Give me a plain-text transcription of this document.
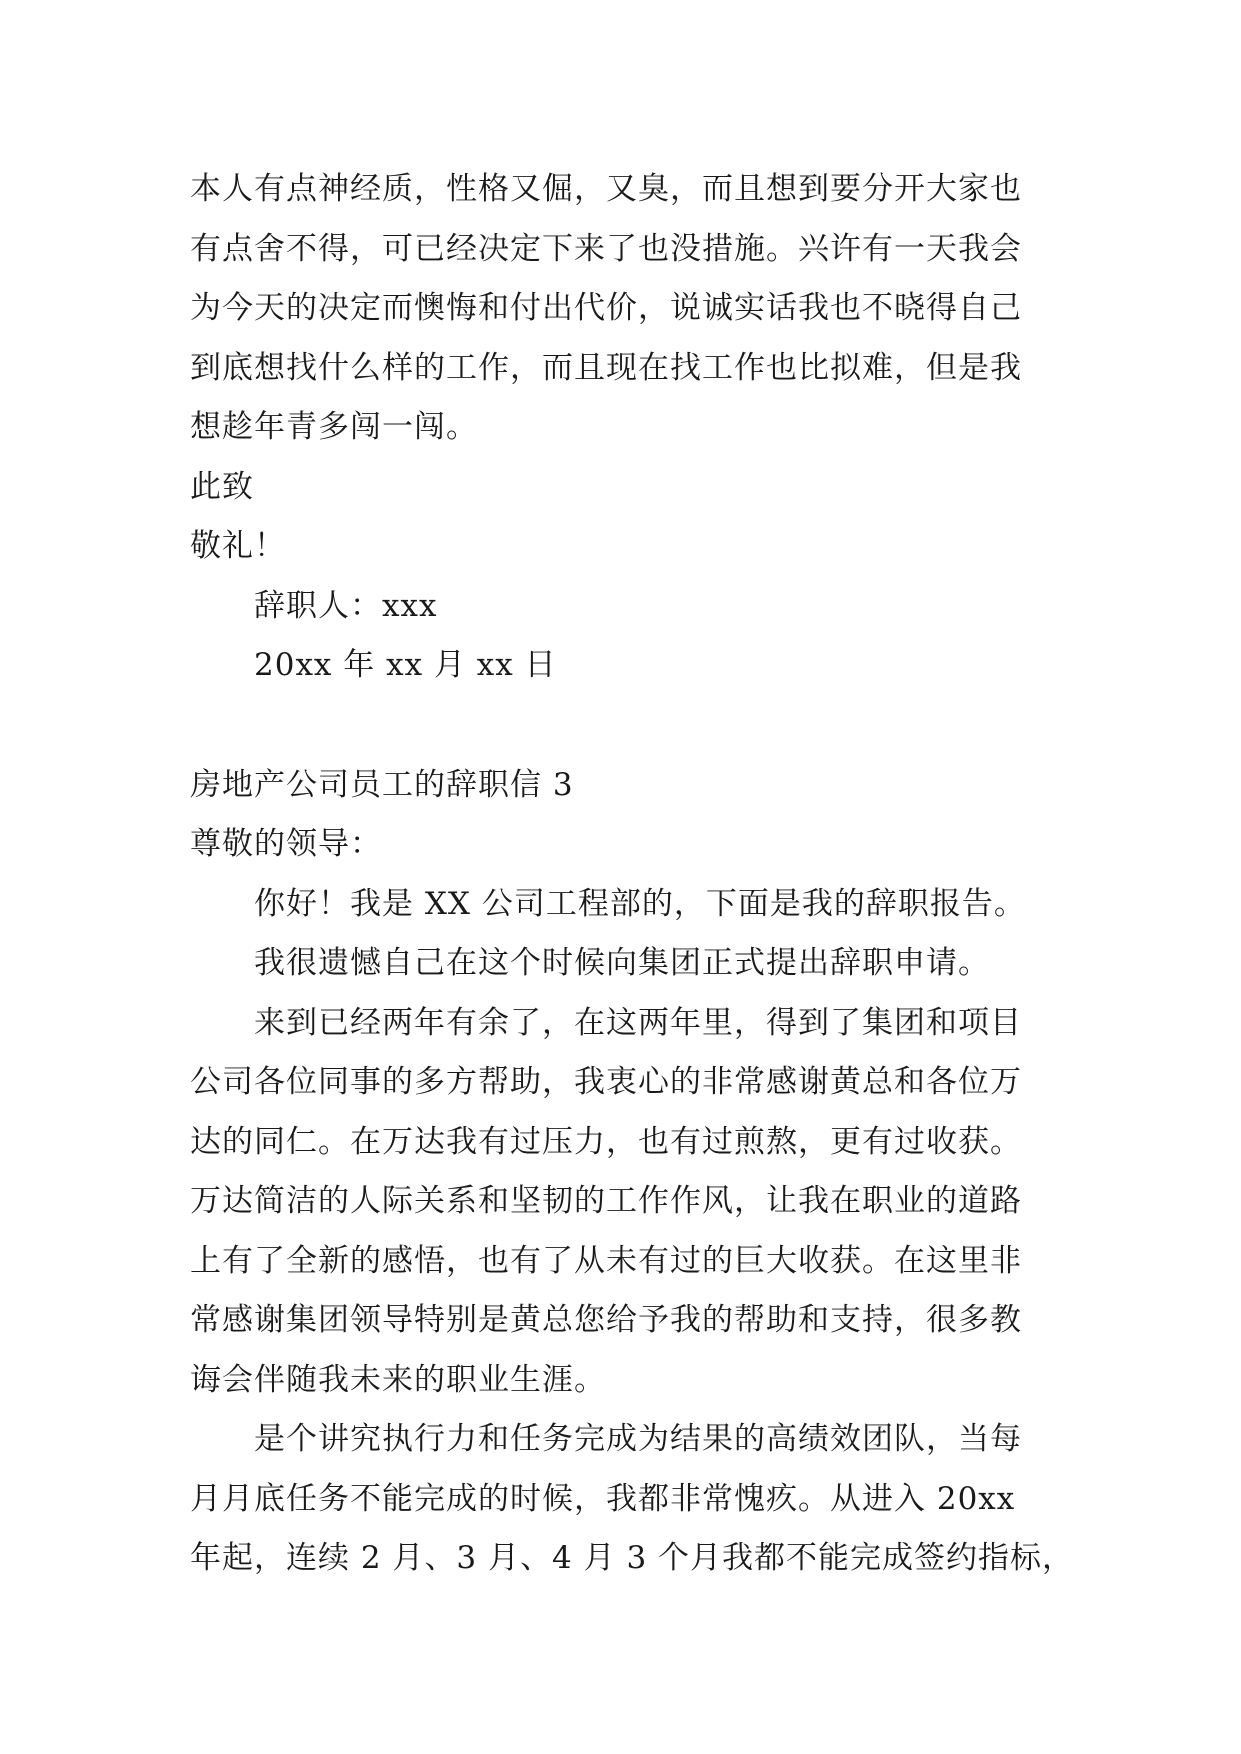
本人有点神经质，性格又倔，又臭，而且想到要分开大家也
有点舍不得，可已经决定下来了也没措施。兴许有一天我会
为今天的决定而懊悔和付出代价，说诚实话我也不晓得自己
到底想找什么样的工作，而且现在找工作也比拟难，但是我
想趁年青多闯一闯。
此致
敬礼！
辞职人：xxx
20xx 年 xx 月 xx 日
房地产公司员工的辞职信 3
尊敬的领导：
你好！我是 XX 公司工程部的，下面是我的辞职报告。
我很遗憾自己在这个时候向集团正式提出辞职申请。
来到已经两年有余了，在这两年里，得到了集团和项目
公司各位同事的多方帮助，我衷心的非常感谢黄总和各位万
达的同仁。在万达我有过压力，也有过煎熬，更有过收获。
万达简洁的人际关系和坚韧的工作作风，让我在职业的道路
上有了全新的感悟，也有了从未有过的巨大收获。在这里非
常感谢集团领导特别是黄总您给予我的帮助和支持，很多教
诲会伴随我未来的职业生涯。
是个讲究执行力和任务完成为结果的高绩效团队，当每
月月底任务不能完成的时候，我都非常愧疚。从进入 20xx
年起，连续 2 月、3 月、4 月 3 个月我都不能完成签约指标，
